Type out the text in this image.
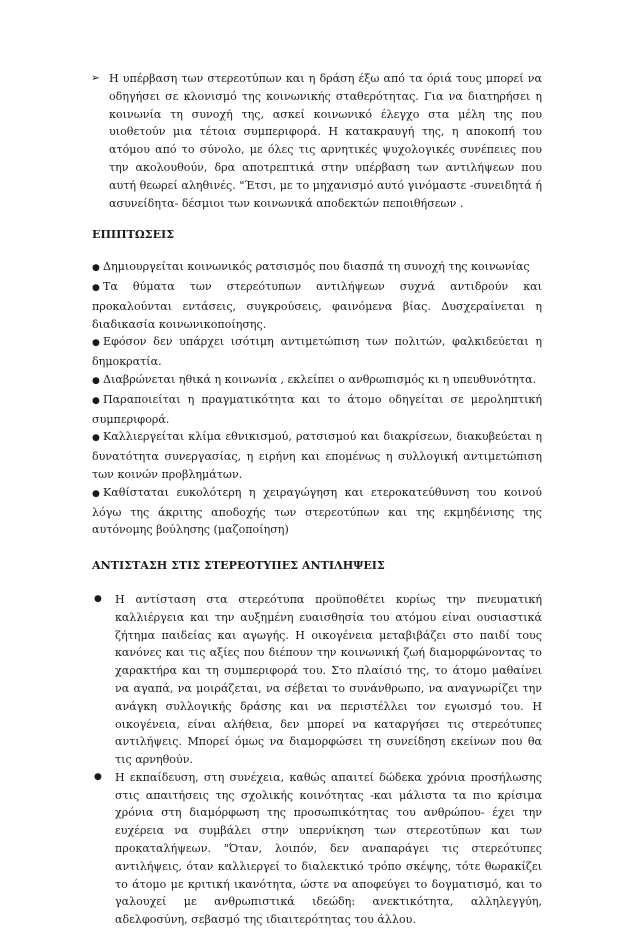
➢ Η υπέρβαση των στερεοτύπων και η δράση έξω από τα όριά τους μπορεί να οδηγήσει σε κλονισμό της κοινωνικής σταθερότητας. Για να διατηρήσει η κοινωνία τη συνοχή της, ασκεί κοινωνικό έλεγχο στα μέλη της που υιοθετούν μια τέτοια συμπεριφορά. Η κατακραυγή της, η αποκοπή του ατόμου από το σύνολο, με όλες τις αρνητικές ψυχολογικές συνέπειες που την ακολουθούν, δρα αποτρεπτικά στην υπέρβαση των αντιλήψεων που αυτή θεωρεί αληθινές. "Έτσι, με το μηχανισμό αυτό γινόμαστε -συνειδητά ή ασυνείδητα- δέσμιοι των κοινωνικά αποδεκτών πεποιθήσεων .
ΕΠΙΠΤΩΣΕΙΣ
● Δημιουργείται κοινωνικός ρατσισμός που διασπά τη συνοχή της κοινωνίας
● Τα θύματα των στερεότυπων αντιλήψεων συχνά αντιδρούν και προκαλούνται εντάσεις, συγκρούσεις, φαινόμενα βίας. Δυσχεραίνεται η διαδικασία κοινωνικοποίησης.
● Εφόσον δεν υπάρχει ισότιμη αντιμετώπιση των πολιτών, φαλκιδεύεται η δημοκρατία.
● Διαβρώνεται ηθικά η κοινωνία , εκλείπει ο ανθρωπισμός κι η υπευθυνότητα.
● Παραποιείται η πραγματικότητα και το άτομο οδηγείται σε μεροληπτική συμπεριφορά.
● Καλλιεργείται κλίμα εθνικισμού, ρατσισμού και διακρίσεων, διακυβεύεται η δυνατότητα συνεργασίας, η ειρήνη και επομένως η συλλογική αντιμετώπιση των κοινών προβλημάτων.
● Καθίσταται ευκολότερη η χειραγώγηση και ετεροκατεύθυνση του κοινού λόγω της άκριτης αποδοχής των στερεοτύπων και της εκμηδένισης της αυτόνομης βούλησης (μαζοποίηση)
ΑΝΤΙΣΤΑΣΗ ΣΤΙΣ ΣΤΕΡΕΟΤΥΠΕΣ ΑΝΤΙΛΗΨΕΙΣ
● Η αντίσταση στα στερεότυπα προϋποθέτει κυρίως την πνευματική καλλιέργεια και την αυξημένη ευαισθησία του ατόμου είναι ουσιαστικά ζήτημα παιδείας και αγωγής. Η οικογένεια μεταβιβάζει στο παιδί τους κανόνες και τις αξίες που διέπουν την κοινωνική ζωή διαμορφώνοντας το χαρακτήρα και τη συμπεριφορά του. Στο πλαίσιό της, το άτομο μαθαίνει να αγαπά, να μοιράζεται, να σέβεται το συνάνθρωπο, να αναγνωρίζει την ανάγκη συλλογικής δράσης και να περιστέλλει τον εγωισμό του. Η οικογένεια, είναι αλήθεια, δεν μπορεί να καταργήσει τις στερεότυπες αντιλήψεις. Μπορεί όμως να διαμορφώσει τη συνείδηση εκείνων που θα τις αρνηθούν.
● Η εκπαίδευση, στη συνέχεια, καθώς απαιτεί δώδεκα χρόνια προσήλωσης στις απαιτήσεις της σχολικής κοινότητας -και μάλιστα τα πιο κρίσιμα χρόνια στη διαμόρφωση της προσωπικότητας του ανθρώπου- έχει την ευχέρεια να συμβάλει στην υπερνίκηση των στερεοτύπων και των προκαταλήψεων. "Όταν, λοιπόν, δεν αναπαράγει τις στερεότυπες αντιλήψεις, όταν καλλιεργεί το διαλεκτικό τρόπο σκέψης, τότε θωρακίζει το άτομο με κριτική ικανότητα, ώστε να αποφεύγει το δογματισμό, και το γαλουχεί με ανθρωπιστικά ιδεώδη: ανεκτικότητα, αλληλεγγύη, αδελφοσύνη, σεβασμό της ιδιαιτερότητας του άλλου.
